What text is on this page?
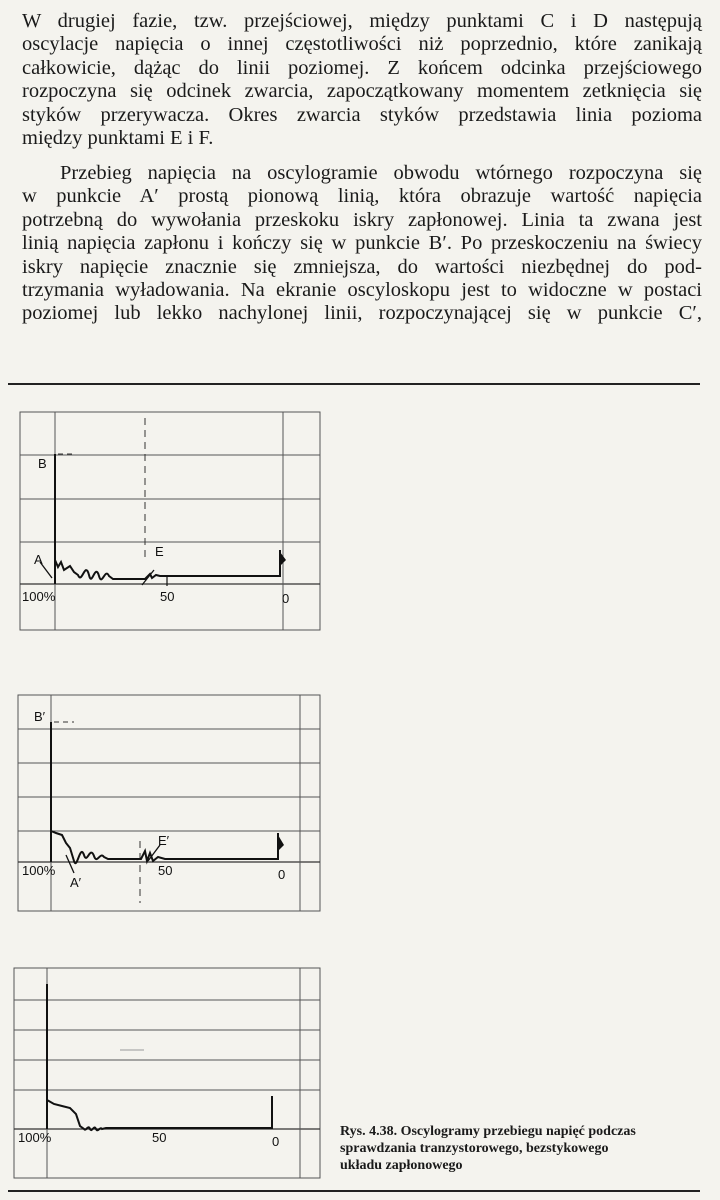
W drugiej fazie, tzw. przejściowej, między punktami C i D następują
oscylacje napięcia o innej częstotliwości niż poprzednio, które zanikają
całkowicie, dążąc do linii poziomej. Z końcem odcinka przejściowego
rozpoczyna się odcinek zwarcia, zapoczątkowany momentem zetknięcia się
styków przerywacza. Okres zwarcia styków przedstawia linia pozioma
między punktami E i F.
Przebieg napięcia na oscylogramie obwodu wtórnego rozpoczyna się
w punkcie A′ prostą pionową linią, która obrazuje wartość napięcia
potrzebną do wywołania przeskoku iskry zapłonowej. Linia ta zwana jest
linią napięcia zapłonu i kończy się w punkcie B′. Po przeskoczeniu na świecy
iskry napięcie znacznie się zmniejsza, do wartości niezbędnej do pod-
trzymania wyładowania. Na ekranie oscyloskopu jest to widoczne w postaci
poziomej lub lekko nachylonej linii, rozpoczynającej się w punkcie C′,
B
A
E
100%	50	0
B′
A′
E′
100%	50	0
100%	50	0
Rys. 4.38. Oscylogramy przebiegu napięć podczas
sprawdzania tranzystorowego, bezstykowego
układu zapłonowego
